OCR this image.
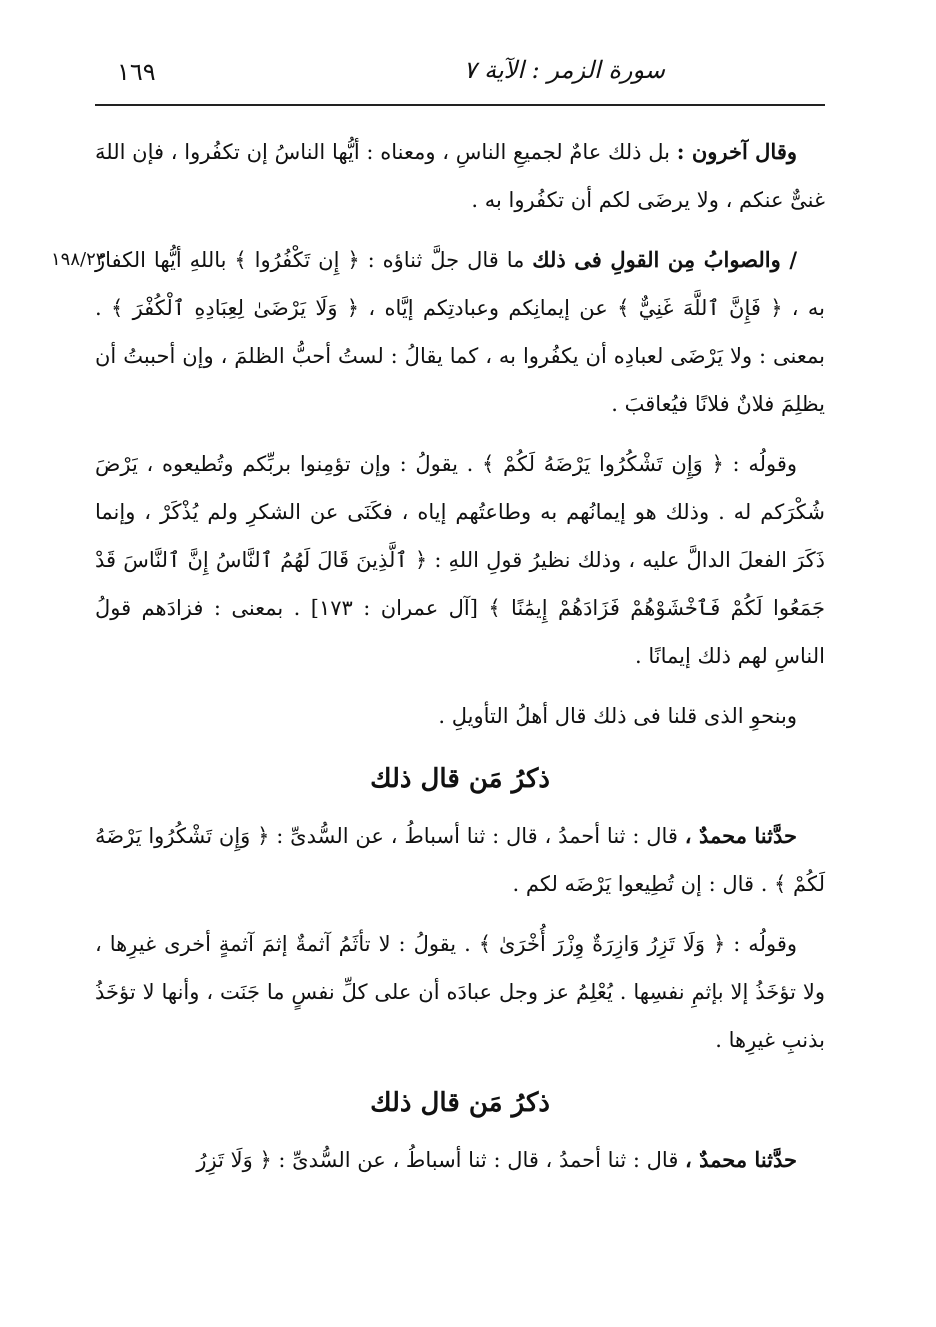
١٦٩	سورة الزمر : الآية ٧

وقال آخرون : بل ذلك عامٌ لجميعِ الناسِ ، ومعناه : أيُّها الناسُ إن تكفُروا ، فإن اللهَ غنىٌّ عنكم ، ولا يرضَى لكم أن تكفُروا به .

١٩٨/٢٣	/ والصوابُ مِن القولِ فى ذلك ما قال جلَّ ثناؤه : ﴿ إِن تَكْفُرُوا ﴾ باللهِ أيُّها الكفارُ به ، ﴿ فَإِنَّ ٱللَّهَ غَنِيٌّ ﴾ عن إيمانِكم وعبادتِكم إيَّاه ، ﴿ وَلَا يَرْضَىٰ لِعِبَادِهِ ٱلْكُفْرَ ﴾ . بمعنى : ولا يَرْضَى لعبادِه أن يكفُروا به ، كما يقالُ : لستُ أحبُّ الظلمَ ، وإن أحببتُ أن يظلِمَ فلانٌ فلانًا فيُعاقبَ .

وقولُه : ﴿ وَإِن تَشْكُرُوا يَرْضَهُ لَكُمْ ﴾ . يقولُ : وإن تؤمِنوا بربِّكم وتُطيعوه ، يَرْضَ شُكْرَكم له . وذلك هو إيمانُهم به وطاعتُهم إياه ، فكَنَى عن الشكرِ ولم يُذْكَرْ ، وإنما ذَكَرَ الفعلَ الدالَّ عليه ، وذلك نظيرُ قولِ اللهِ : ﴿ ٱلَّذِينَ قَالَ لَهُمُ ٱلنَّاسُ إِنَّ ٱلنَّاسَ قَدْ جَمَعُوا لَكُمْ فَٱخْشَوْهُمْ فَزَادَهُمْ إِيمَٰنًا ﴾ [آل عمران : ١٧٣] . بمعنى : فزادَهم قولُ الناسِ لهم ذلك إيمانًا .

وبنحوِ الذى قلنا فى ذلك قال أهلُ التأويلِ .

ذكرُ مَن قال ذلك

حدَّثنا محمدٌ ، قال : ثنا أحمدُ ، قال : ثنا أسباطُ ، عن السُّدىِّ : ﴿ وَإِن تَشْكُرُوا يَرْضَهُ لَكُمْ ﴾ . قال : إن تُطِيعوا يَرْضَه لكم .

وقولُه : ﴿ وَلَا تَزِرُ وَازِرَةٌ وِزْرَ أُخْرَىٰ ﴾ . يقولُ : لا تأثَمُ آثمةٌ إثمَ آثمةٍ أخرى غيرِها ، ولا تؤخَذُ إلا بإثمِ نفسِها . يُعْلِمُ عز وجل عبادَه أن على كلِّ نفسٍ ما جَنَت ، وأنها لا تؤخَذُ بذنبِ غيرِها .

ذكرُ مَن قال ذلك

حدَّثنا محمدٌ ، قال : ثنا أحمدُ ، قال : ثنا أسباطُ ، عن السُّدىِّ : ﴿ وَلَا تَزِرُ
